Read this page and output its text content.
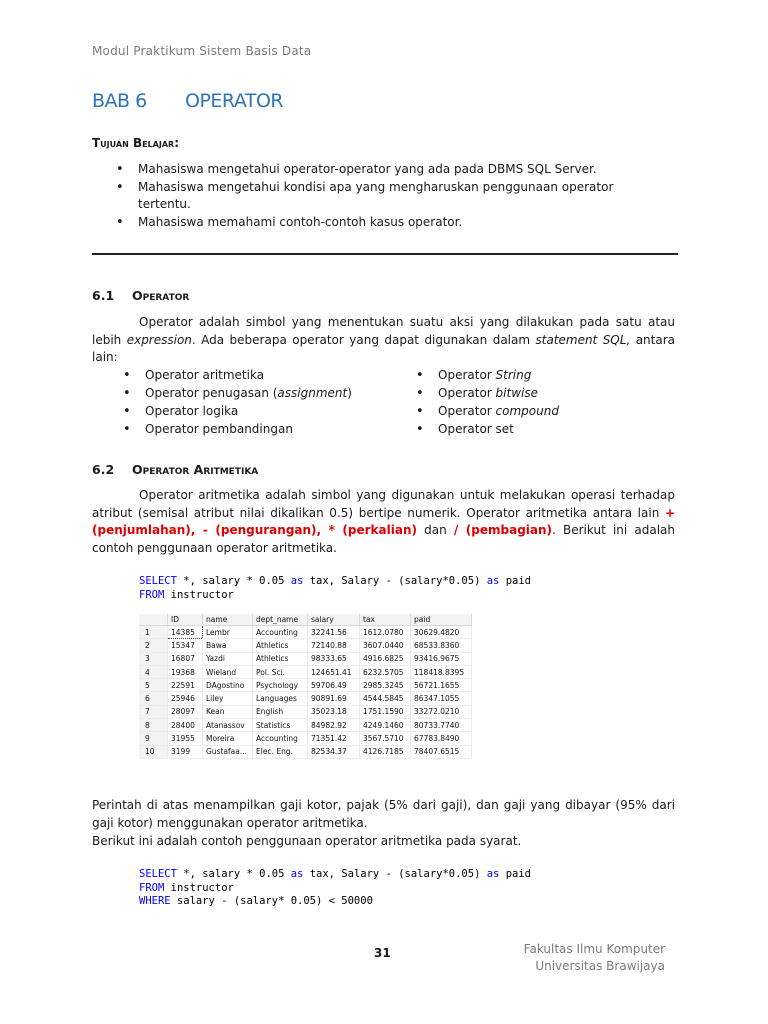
Modul Praktikum Sistem Basis Data
BAB 6 OPERATOR
Tujuan Belajar:
• Mahasiswa mengetahui operator-operator yang ada pada DBMS SQL Server.
• Mahasiswa mengetahui kondisi apa yang mengharuskan penggunaan operator tertentu.
• Mahasiswa memahami contoh-contoh kasus operator.
6.1 Operator
Operator adalah simbol yang menentukan suatu aksi yang dilakukan pada satu atau lebih expression. Ada beberapa operator yang dapat digunakan dalam statement SQL, antara lain:
• Operator aritmetika
• Operator penugasan (assignment)
• Operator logika
• Operator pembandingan
• Operator String
• Operator bitwise
• Operator compound
• Operator set
6.2 Operator Aritmetika
Operator aritmetika adalah simbol yang digunakan untuk melakukan operasi terhadap atribut (semisal atribut nilai dikalikan 0.5) bertipe numerik. Operator aritmetika antara lain + (penjumlahan), - (pengurangan), * (perkalian) dan / (pembagian). Berikut ini adalah contoh penggunaan operator aritmetika.
SELECT *, salary * 0.05 as tax, Salary - (salary*0.05) as paid
FROM instructor
	ID	name	dept_name	salary	tax	paid
1	14385	Lembr	Accounting	32241.56	1612.0780	30629.4820
2	15347	Bawa	Athletics	72140.88	3607.0440	68533.8360
3	16807	Yazdi	Athletics	98333.65	4916.6825	93416.9675
4	19368	Wieland	Pol. Sci.	124651.41	6232.5705	118418.8395
5	22591	DAgostino	Psychology	59706.49	2985.3245	56721.1655
6	25946	Liley	Languages	90891.69	4544.5845	86347.1055
7	28097	Kean	English	35023.18	1751.1590	33272.0210
8	28400	Atanassov	Statistics	84982.92	4249.1460	80733.7740
9	31955	Moreira	Accounting	71351.42	3567.5710	67783.8490
10	3199	Gustafaa...	Elec. Eng.	82534.37	4126.7185	78407.6515
Perintah di atas menampilkan gaji kotor, pajak (5% dari gaji), dan gaji yang dibayar (95% dari gaji kotor) menggunakan operator aritmetika.
Berikut ini adalah contoh penggunaan operator aritmetika pada syarat.
SELECT *, salary * 0.05 as tax, Salary - (salary*0.05) as paid
FROM instructor
WHERE salary - (salary* 0.05) < 50000
31	Fakultas Ilmu Komputer
Universitas Brawijaya
